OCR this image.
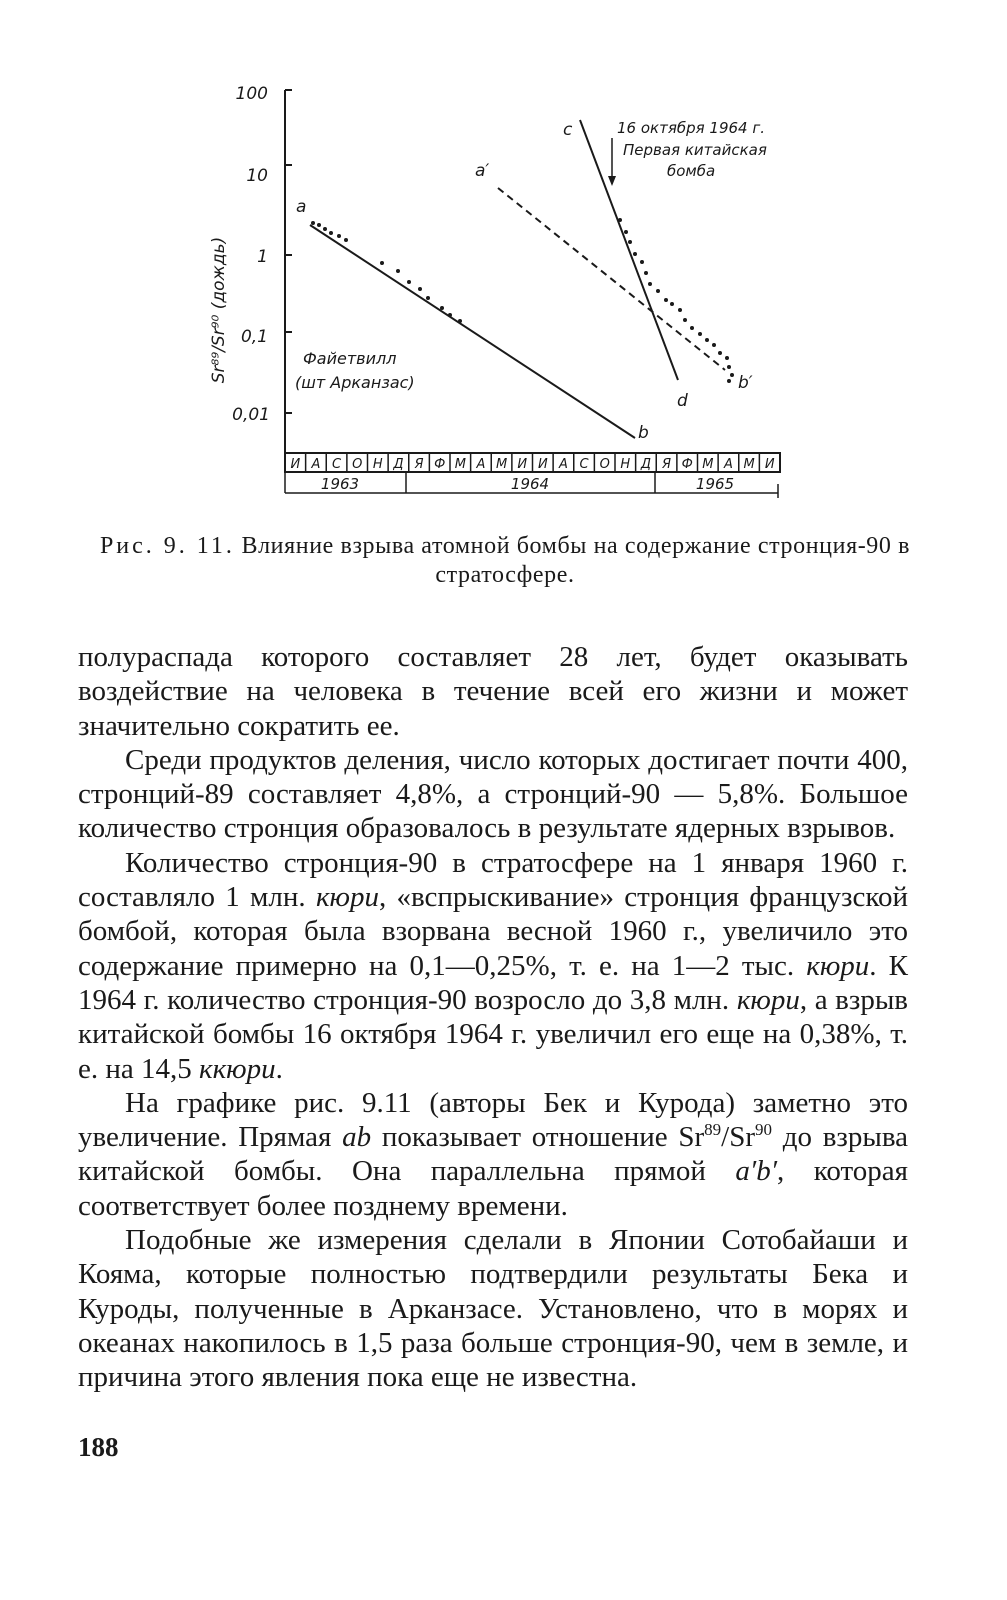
100
10
1
0,1
0,01
Sr⁸⁹/Sr⁹⁰ (дождь)
И А С О Н Д Я Ф М А М И И А С О Н Д Я Ф М А М И
1963	1964	1965
a
b
a′
b′
c
d
16 октября 1964 г.
Первая китайская
бомба
Файетвилл
(шт Арканзас)
Рис. 9. 11. Влияние взрыва атомной бомбы на содержание стронция-90 в стратосфере.

полураспада которого составляет 28 лет, будет оказывать воздействие на человека в течение всей его жизни и может значительно сократить ее.

Среди продуктов деления, число которых достигает почти 400, стронций-89 составляет 4,8%, а стронций-90 — 5,8%. Большое количество стронция образовалось в результате ядерных взрывов.

Количество стронция-90 в стратосфере на 1 января 1960 г. составляло 1 млн. кюри, «вспрыскивание» стронция французской бомбой, которая была взорвана весной 1960 г., увеличило это содержание примерно на 0,1—0,25%, т. е. на 1—2 тыс. кюри. К 1964 г. количество стронция-90 возросло до 3,8 млн. кюри, а взрыв китайской бомбы 16 октября 1964 г. увеличил его еще на 0,38%, т. е. на 14,5 ккюри.

На графике рис. 9.11 (авторы Бек и Курода) заметно это увеличение. Прямая ab показывает отношение Sr$^{89}$/Sr$^{90}$ до взрыва китайской бомбы. Она параллельна прямой a′b′, которая соответствует более позднему времени.

Подобные же измерения сделали в Японии Сотобайаши и Коямa, которые полностью подтвердили результаты Бека и Куроды, полученные в Арканзасе. Установлено, что в морях и океанах накопилось в 1,5 раза больше стронция-90, чем в земле, и причина этого явления пока еще не известна.

188
